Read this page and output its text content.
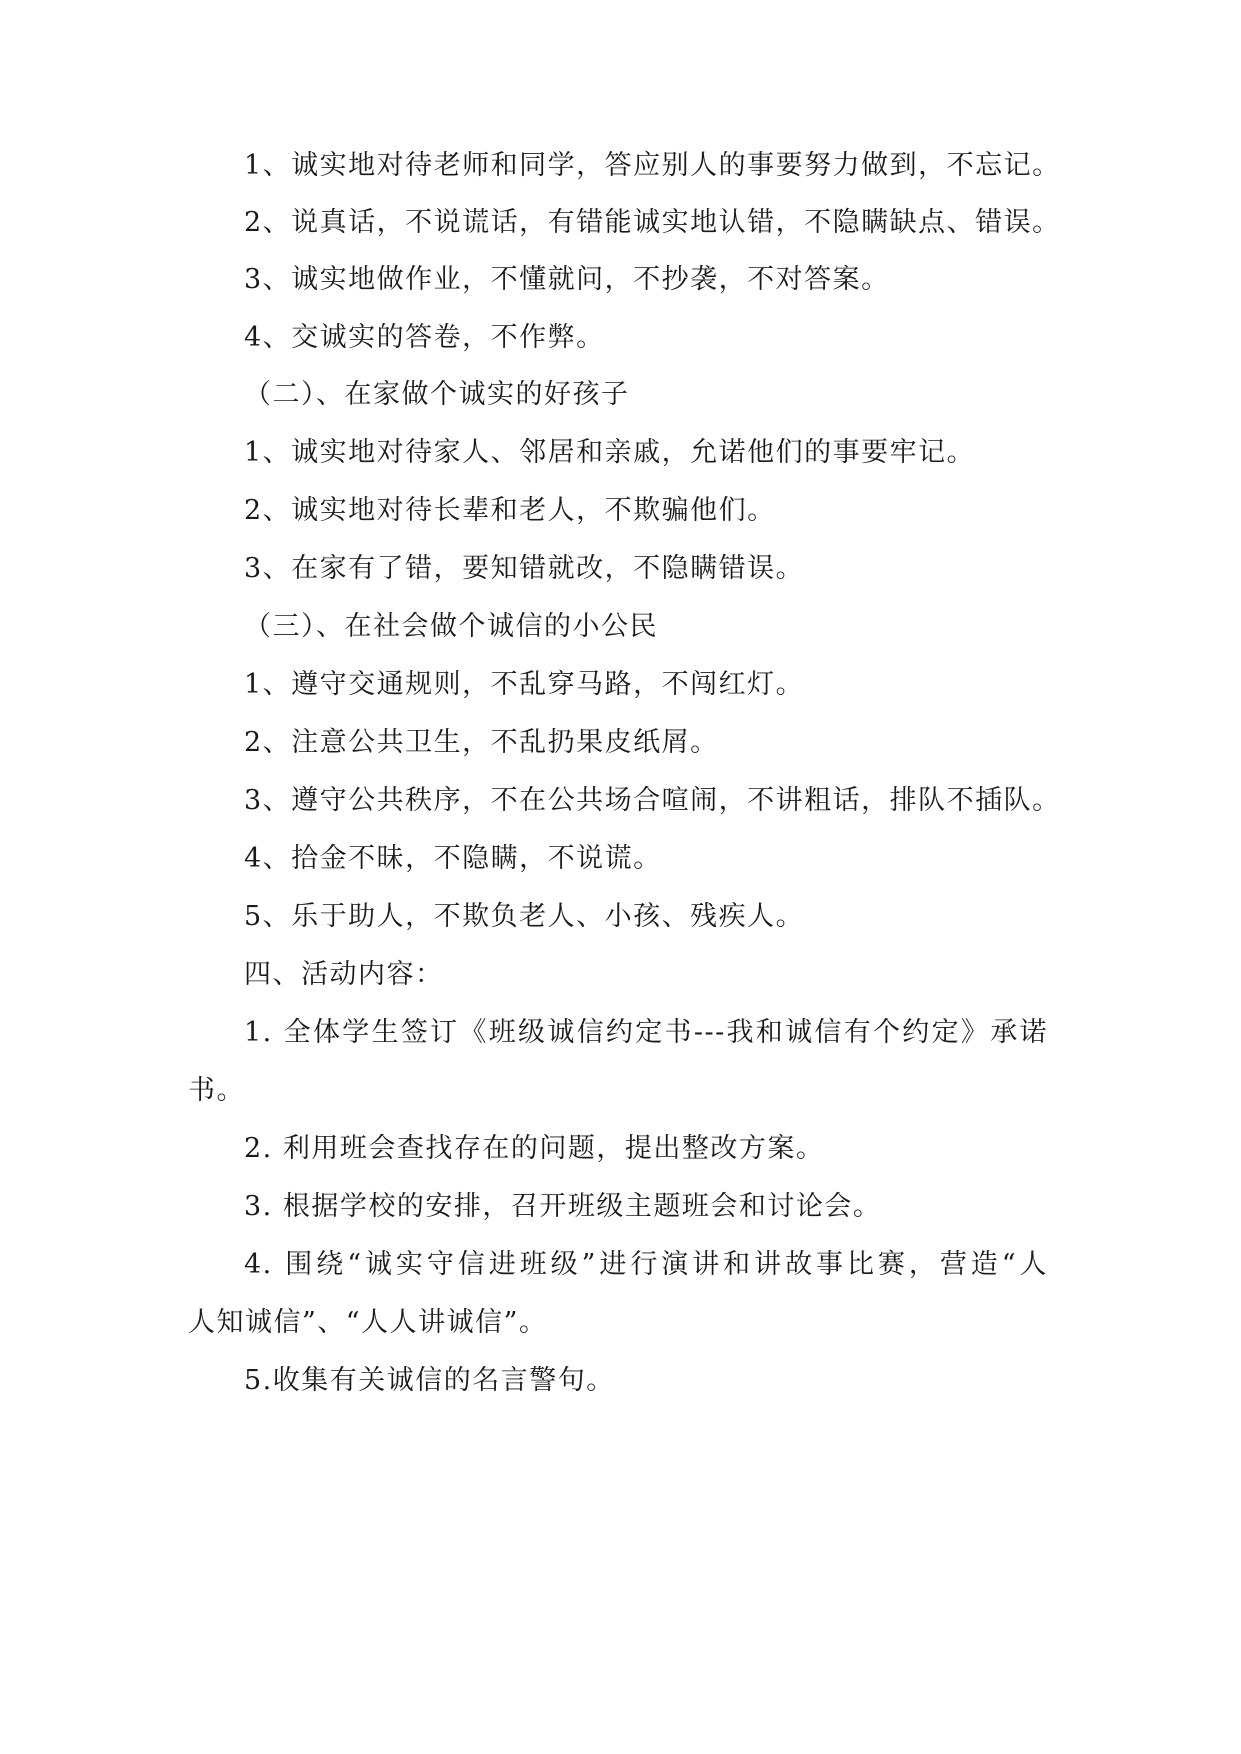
1、诚实地对待老师和同学，答应别人的事要努力做到，不忘记。
2、说真话，不说谎话，有错能诚实地认错，不隐瞒缺点、错误。
3、诚实地做作业，不懂就问，不抄袭，不对答案。
4、交诚实的答卷，不作弊。
（二）、在家做个诚实的好孩子
1、诚实地对待家人、邻居和亲戚，允诺他们的事要牢记。
2、诚实地对待长辈和老人，不欺骗他们。
3、在家有了错，要知错就改，不隐瞒错误。
（三）、在社会做个诚信的小公民
1、遵守交通规则，不乱穿马路，不闯红灯。
2、注意公共卫生，不乱扔果皮纸屑。
3、遵守公共秩序，不在公共场合喧闹，不讲粗话，排队不插队。
4、拾金不昧，不隐瞒，不说谎。
5、乐于助人，不欺负老人、小孩、残疾人。
四、活动内容：
1. 全体学生签订《班级诚信约定书---我和诚信有个约定》承诺
书。
2. 利用班会查找存在的问题，提出整改方案。
3. 根据学校的安排，召开班级主题班会和讨论会。
4. 围绕“诚实守信进班级”进行演讲和讲故事比赛，营造“人
人知诚信”、“人人讲诚信”。
5.收集有关诚信的名言警句。
